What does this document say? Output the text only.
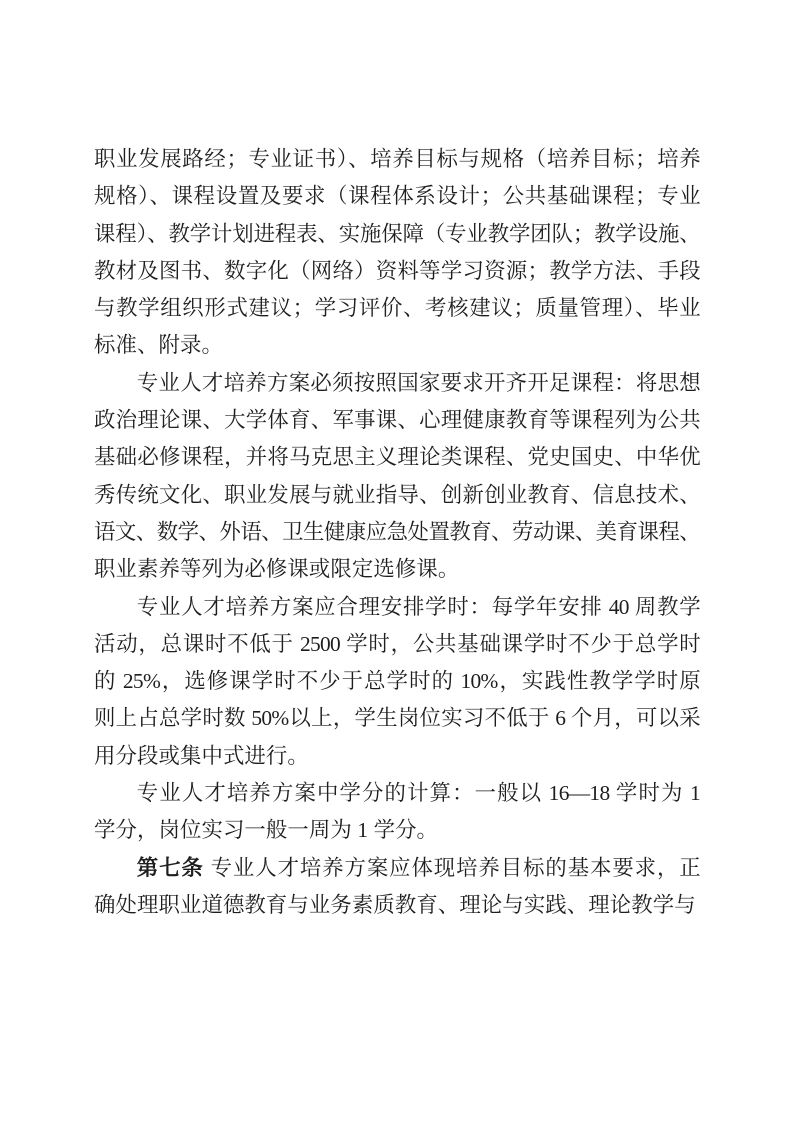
职业发展路经；专业证书）、培养目标与规格（培养目标；培养
规格）、课程设置及要求（课程体系设计；公共基础课程；专业
课程）、教学计划进程表、实施保障（专业教学团队；教学设施、
教材及图书、数字化（网络）资料等学习资源；教学方法、手段
与教学组织形式建议；学习评价、考核建议；质量管理）、毕业
标准、附录。
专业人才培养方案必须按照国家要求开齐开足课程：将思想
政治理论课、大学体育、军事课、心理健康教育等课程列为公共
基础必修课程，并将马克思主义理论类课程、党史国史、中华优
秀传统文化、职业发展与就业指导、创新创业教育、信息技术、
语文、数学、外语、卫生健康应急处置教育、劳动课、美育课程、
职业素养等列为必修课或限定选修课。
专业人才培养方案应合理安排学时：每学年安排 40 周教学
活动，总课时不低于 2500 学时，公共基础课学时不少于总学时
的 25%，选修课学时不少于总学时的 10%，实践性教学学时原
则上占总学时数 50%以上，学生岗位实习不低于 6 个月，可以采
用分段或集中式进行。
专业人才培养方案中学分的计算：一般以 16—18 学时为 1
学分，岗位实习一般一周为 1 学分。
第七条 专业人才培养方案应体现培养目标的基本要求，正
确处理职业道德教育与业务素质教育、理论与实践、理论教学与
